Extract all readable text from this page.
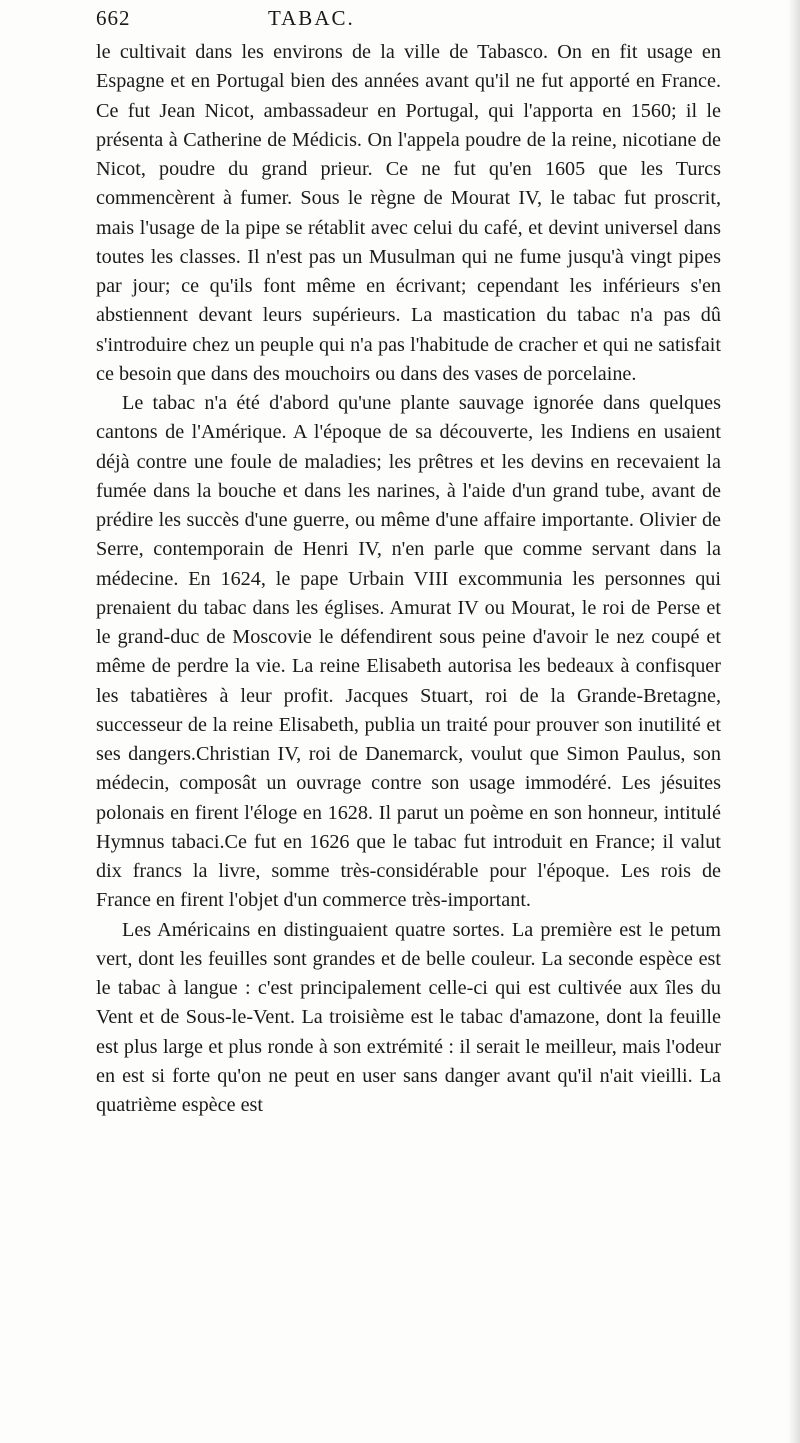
662	TABAC.

le cultivait dans les environs de la ville de Tabasco. On en fit usage en Espagne et en Portugal bien des années avant qu'il ne fut apporté en France. Ce fut Jean Nicot, ambassadeur en Portugal, qui l'apporta en 1560; il le présenta à Catherine de Médicis. On l'appela poudre de la reine, nicotiane de Nicot, poudre du grand prieur. Ce ne fut qu'en 1605 que les Turcs commencèrent à fumer. Sous le règne de Mourat IV, le tabac fut proscrit, mais l'usage de la pipe se rétablit avec celui du café, et devint universel dans toutes les classes. Il n'est pas un Musulman qui ne fume jusqu'à vingt pipes par jour; ce qu'ils font même en écrivant; cependant les inférieurs s'en abstiennent devant leurs supérieurs. La mastication du tabac n'a pas dû s'introduire chez un peuple qui n'a pas l'habitude de cracher et qui ne satisfait ce besoin que dans des mouchoirs ou dans des vases de porcelaine.

Le tabac n'a été d'abord qu'une plante sauvage ignorée dans quelques cantons de l'Amérique. A l'époque de sa découverte, les Indiens en usaient déjà contre une foule de maladies; les prêtres et les devins en recevaient la fumée dans la bouche et dans les narines, à l'aide d'un grand tube, avant de prédire les succès d'une guerre, ou même d'une affaire importante. Olivier de Serre, contemporain de Henri IV, n'en parle que comme servant dans la médecine. En 1624, le pape Urbain VIII excommunia les personnes qui prenaient du tabac dans les églises. Amurat IV ou Mourat, le roi de Perse et le grand-duc de Moscovie le défendirent sous peine d'avoir le nez coupé et même de perdre la vie. La reine Elisabeth autorisa les bedeaux à confisquer les tabatières à leur profit. Jacques Stuart, roi de la Grande-Bretagne, successeur de la reine Elisabeth, publia un traité pour prouver son inutilité et ses dangers.Christian IV, roi de Danemarck, voulut que Simon Paulus, son médecin, composât un ouvrage contre son usage immodéré. Les jésuites polonais en firent l'éloge en 1628. Il parut un poème en son honneur, intitulé Hymnus tabaci.Ce fut en 1626 que le tabac fut introduit en France; il valut dix francs la livre, somme très-considérable pour l'époque. Les rois de France en firent l'objet d'un commerce très-important.

Les Américains en distinguaient quatre sortes. La première est le petum vert, dont les feuilles sont grandes et de belle couleur. La seconde espèce est le tabac à langue : c'est principalement celle-ci qui est cultivée aux îles du Vent et de Sous-le-Vent. La troisième est le tabac d'amazone, dont la feuille est plus large et plus ronde à son extrémité : il serait le meilleur, mais l'odeur en est si forte qu'on ne peut en user sans danger avant qu'il n'ait vieilli. La quatrième espèce est
